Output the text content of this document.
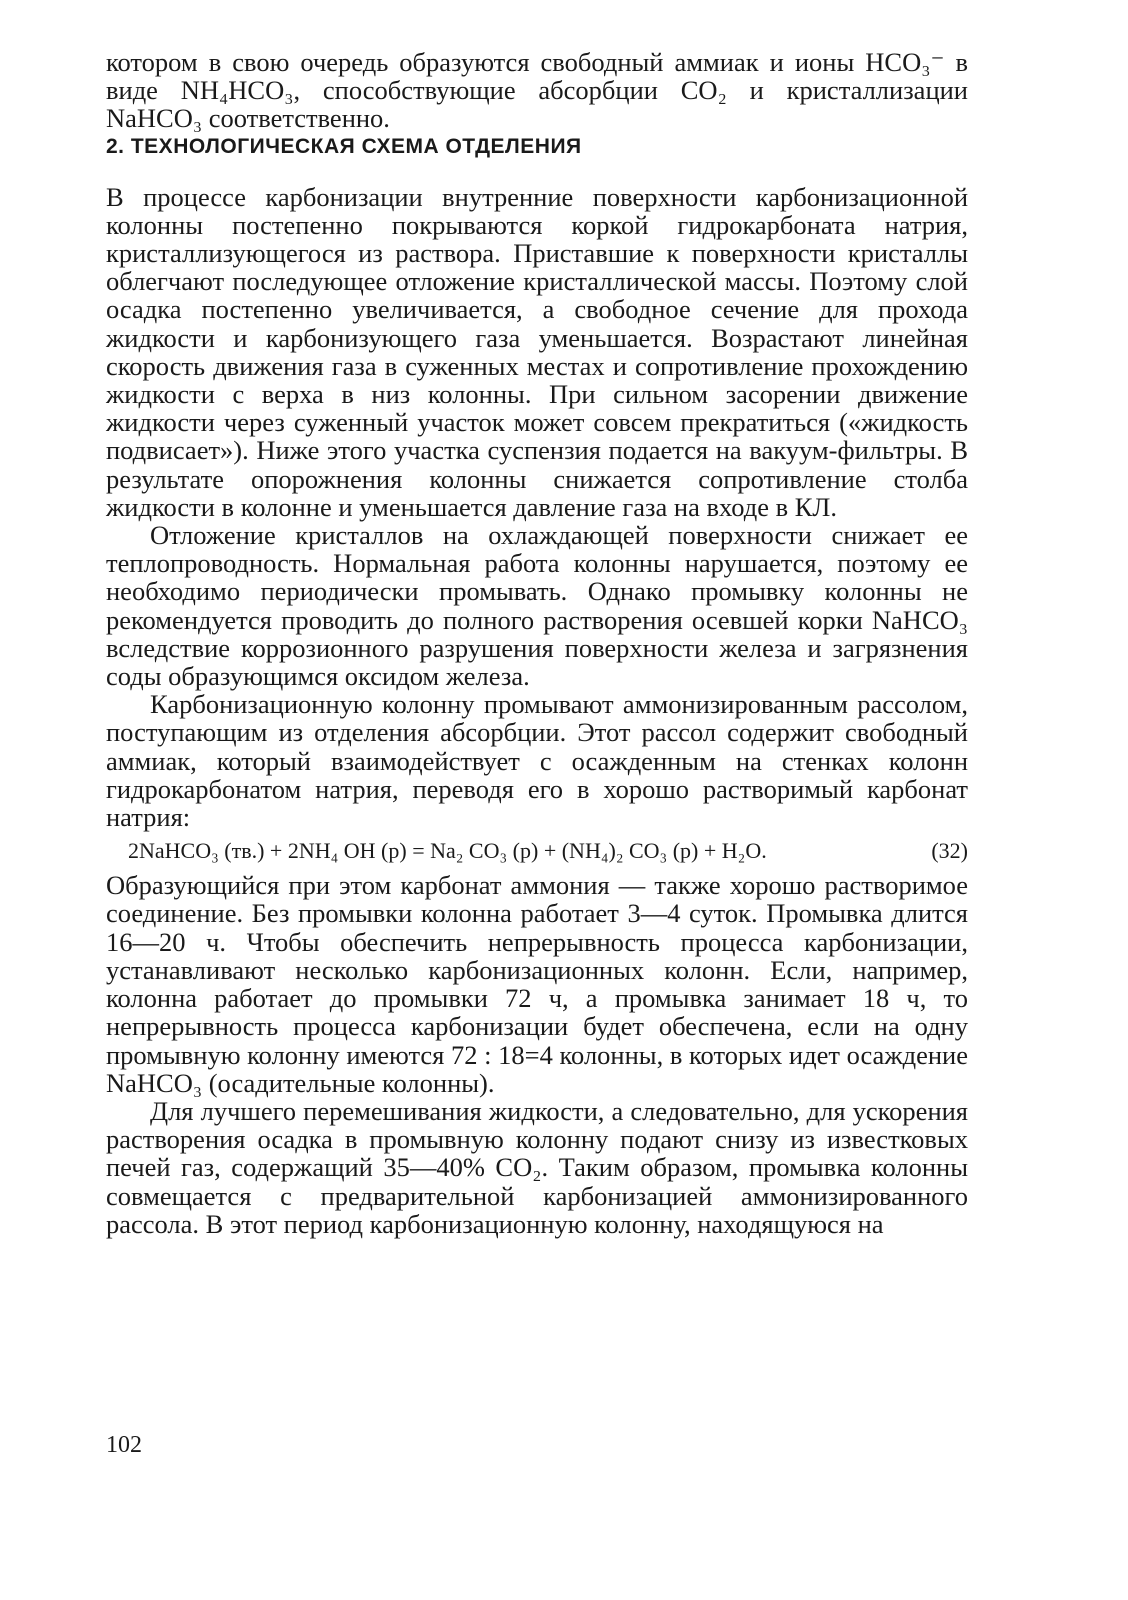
котором в свою очередь образуются свободный аммиак и ионы HCO₃⁻ в виде NH₄HCO₃, способствующие абсорбции CO₂ и кристаллизации NaHCO₃ соответственно.

2. ТЕХНОЛОГИЧЕСКАЯ СХЕМА ОТДЕЛЕНИЯ

В процессе карбонизации внутренние поверхности карбонизационной колонны постепенно покрываются коркой гидрокарбоната натрия, кристаллизующегося из раствора. Приставшие к поверхности кристаллы облегчают последующее отложение кристаллической массы. Поэтому слой осадка постепенно увеличивается, а свободное сечение для прохода жидкости и карбонизующего газа уменьшается. Возрастают линейная скорость движения газа в суженных местах и сопротивление прохождению жидкости с верха в низ колонны. При сильном засорении движение жидкости через суженный участок может совсем прекратиться («жидкость подвисает»). Ниже этого участка суспензия подается на вакуум-фильтры. В результате опорожнения колонны снижается сопротивление столба жидкости в колонне и уменьшается давление газа на входе в КЛ.

Отложение кристаллов на охлаждающей поверхности снижает ее теплопроводность. Нормальная работа колонны нарушается, поэтому ее необходимо периодически промывать. Однако промывку колонны не рекомендуется проводить до полного растворения осевшей корки NaHCO₃ вследствие коррозионного разрушения поверхности железа и загрязнения соды образующимся оксидом железа.

Карбонизационную колонну промывают аммонизированным рассолом, поступающим из отделения абсорбции. Этот рассол содержит свободный аммиак, который взаимодействует с осажденным на стенках колонн гидрокарбонатом натрия, переводя его в хорошо растворимый карбонат натрия:

2NaHCO₃ (тв.) + 2NH₄ OH (р) = Na₂ CO₃ (р) + (NH₄)₂ CO₃ (р) + H₂O.	(32)

Образующийся при этом карбонат аммония — также хорошо растворимое соединение. Без промывки колонна работает 3—4 суток. Промывка длится 16—20 ч. Чтобы обеспечить непрерывность процесса карбонизации, устанавливают несколько карбонизационных колонн. Если, например, колонна работает до промывки 72 ч, а промывка занимает 18 ч, то непрерывность процесса карбонизации будет обеспечена, если на одну промывную колонну имеются 72 : 18=4 колонны, в которых идет осаждение NaHCO₃ (осадительные колонны).

Для лучшего перемешивания жидкости, а следовательно, для ускорения растворения осадка в промывную колонну подают снизу из известковых печей газ, содержащий 35—40% CO₂. Таким образом, промывка колонны совмещается с предварительной карбонизацией аммонизированного рассола. В этот период карбонизационную колонну, находящуюся на

102
